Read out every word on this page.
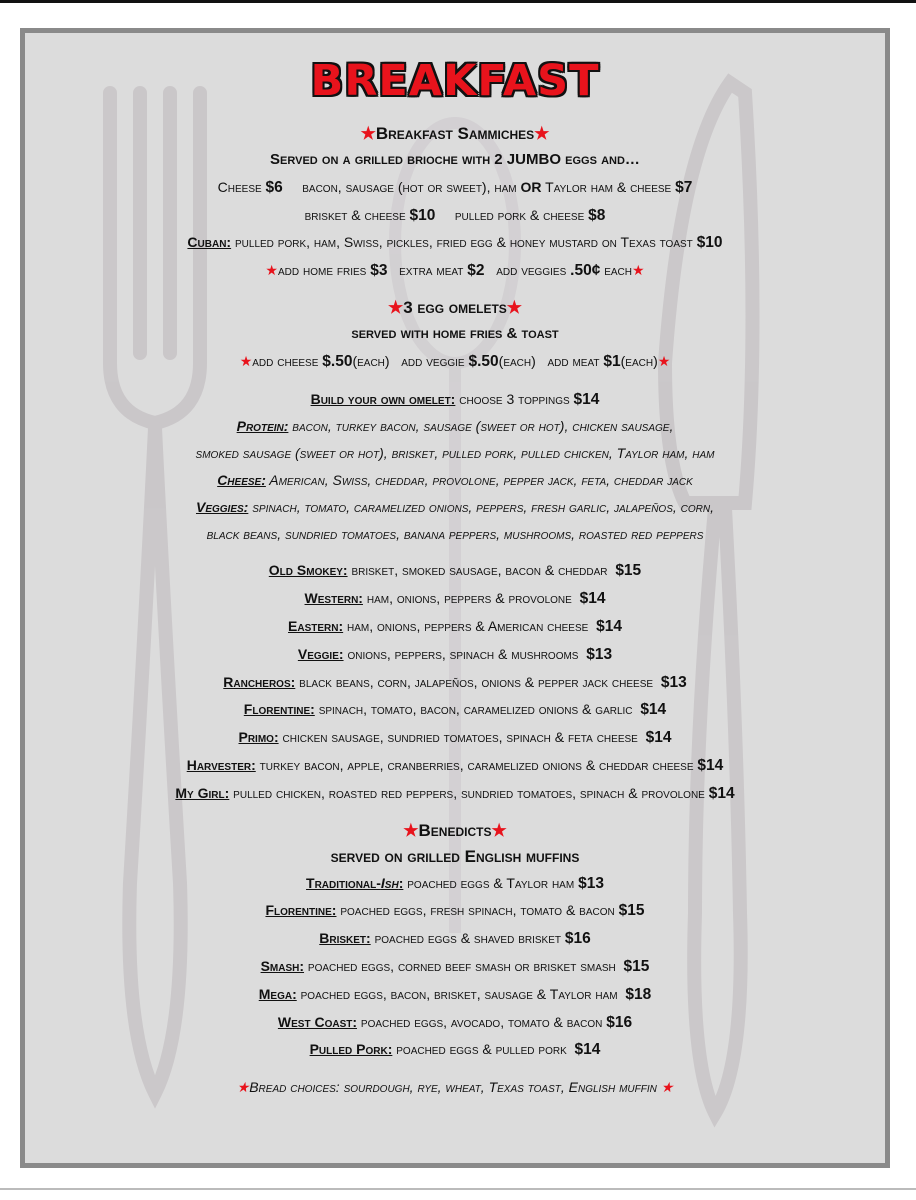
BREAKFAST
★Breakfast Sammiches★
Served on a grilled brioche with 2 JUMBO eggs and…
Cheese $6 bacon, sausage (hot or sweet), ham OR Taylor ham & cheese $7
brisket & cheese $10 pulled pork & cheese $8
Cuban: pulled pork, ham, Swiss, pickles, fried egg & honey mustard on Texas toast $10
★add home fries $3 extra meat $2 add veggies .50¢ each★
★3 egg omelets★
served with home fries & toast
★add cheese $.50(each) add veggie $.50(each) add meat $1(each)★
Build your own omelet: choose 3 toppings $14
Protein: bacon, turkey bacon, sausage (sweet or hot), chicken sausage,
smoked sausage (sweet or hot), brisket, pulled pork, pulled chicken, Taylor ham, ham
Cheese: American, Swiss, cheddar, provolone, pepper jack, feta, cheddar jack
Veggies: spinach, tomato, caramelized onions, peppers, fresh garlic, jalapeños, corn,
black beans, sundried tomatoes, banana peppers, mushrooms, roasted red peppers
Old Smokey: brisket, smoked sausage, bacon & cheddar $15
Western: ham, onions, peppers & provolone $14
Eastern: ham, onions, peppers & American cheese $14
Veggie: onions, peppers, spinach & mushrooms $13
Rancheros: black beans, corn, jalapeños, onions & pepper jack cheese $13
Florentine: spinach, tomato, bacon, caramelized onions & garlic $14
Primo: chicken sausage, sundried tomatoes, spinach & feta cheese $14
Harvester: turkey bacon, apple, cranberries, caramelized onions & cheddar cheese $14
My Girl: pulled chicken, roasted red peppers, sundried tomatoes, spinach & provolone $14
★Benedicts★
served on grilled English muffins
Traditional-Ish: poached eggs & Taylor ham $13
Florentine: poached eggs, fresh spinach, tomato & bacon $15
Brisket: poached eggs & shaved brisket $16
Smash: poached eggs, corned beef smash or brisket smash $15
Mega: poached eggs, bacon, brisket, sausage & Taylor ham $18
West Coast: poached eggs, avocado, tomato & bacon $16
Pulled Pork: poached eggs & pulled pork $14
★Bread choices: sourdough, rye, wheat, Texas toast, English muffin ★
